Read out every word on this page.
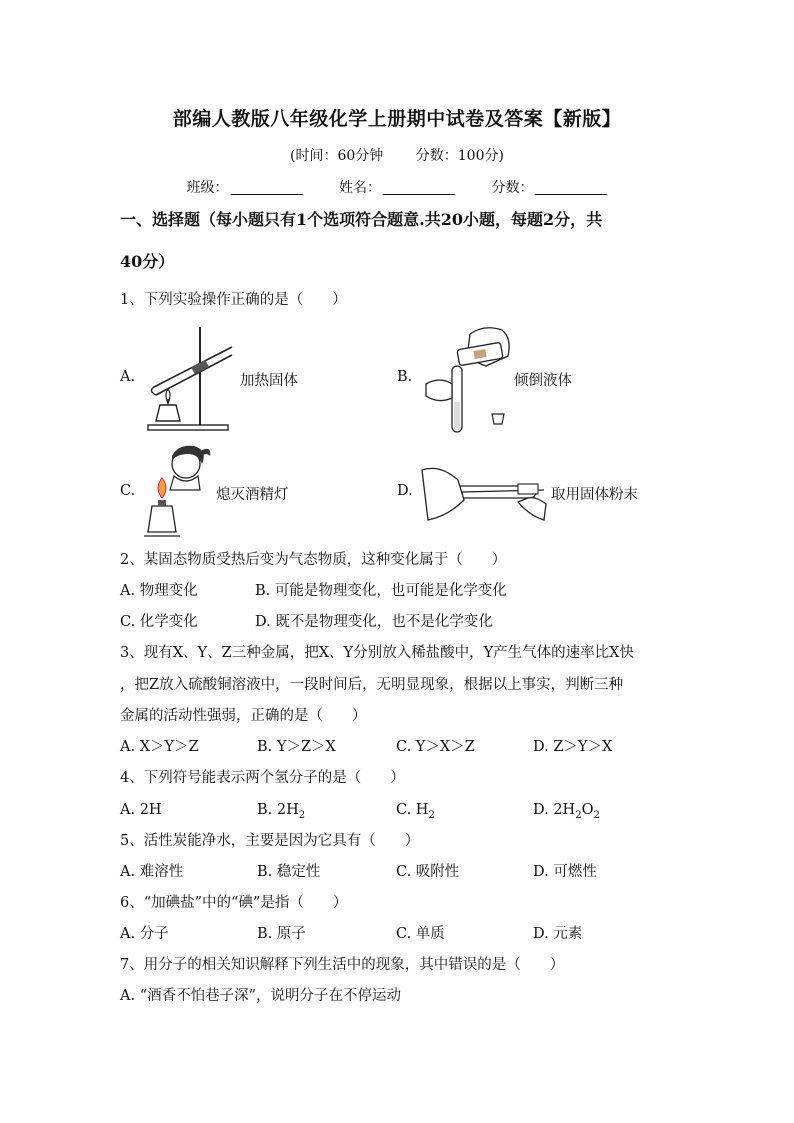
部编人教版八年级化学上册期中试卷及答案【新版】
(时间：60分钟 分数：100分)
班级：	姓名：	分数：
一、选择题（每小题只有1个选项符合题意.共20小题，每题2分，共
40分）
1、下列实验操作正确的是（　　）
A.	加热固体	B.	倾倒液体
C.	熄灭酒精灯	D.	取用固体粉末
2、某固态物质受热后变为气态物质，这种变化属于（　　）
A. 物理变化	B. 可能是物理变化，也可能是化学变化
C. 化学变化	D. 既不是物理变化，也不是化学变化
3、现有X、Y、Z三种金属，把X、Y分别放入稀盐酸中，Y产生气体的速率比X快
，把Z放入硫酸铜溶液中，一段时间后，无明显现象，根据以上事实，判断三种
金属的活动性强弱，正确的是（　　）
A. X＞Y＞Z	B. Y＞Z＞X	C. Y＞X＞Z	D. Z＞Y＞X
4、下列符号能表示两个氢分子的是（　　）
A. 2H	B. $2H_2$	C. $H_2$	D. $2H_2O_2$
5、活性炭能净水，主要是因为它具有（　　）
A. 难溶性	B. 稳定性	C. 吸附性	D. 可燃性
6、“加碘盐”中的“碘”是指（　　）
A. 分子	B. 原子	C. 单质	D. 元素
7、用分子的相关知识解释下列生活中的现象，其中错误的是（　　）
A. “酒香不怕巷子深”，说明分子在不停运动
